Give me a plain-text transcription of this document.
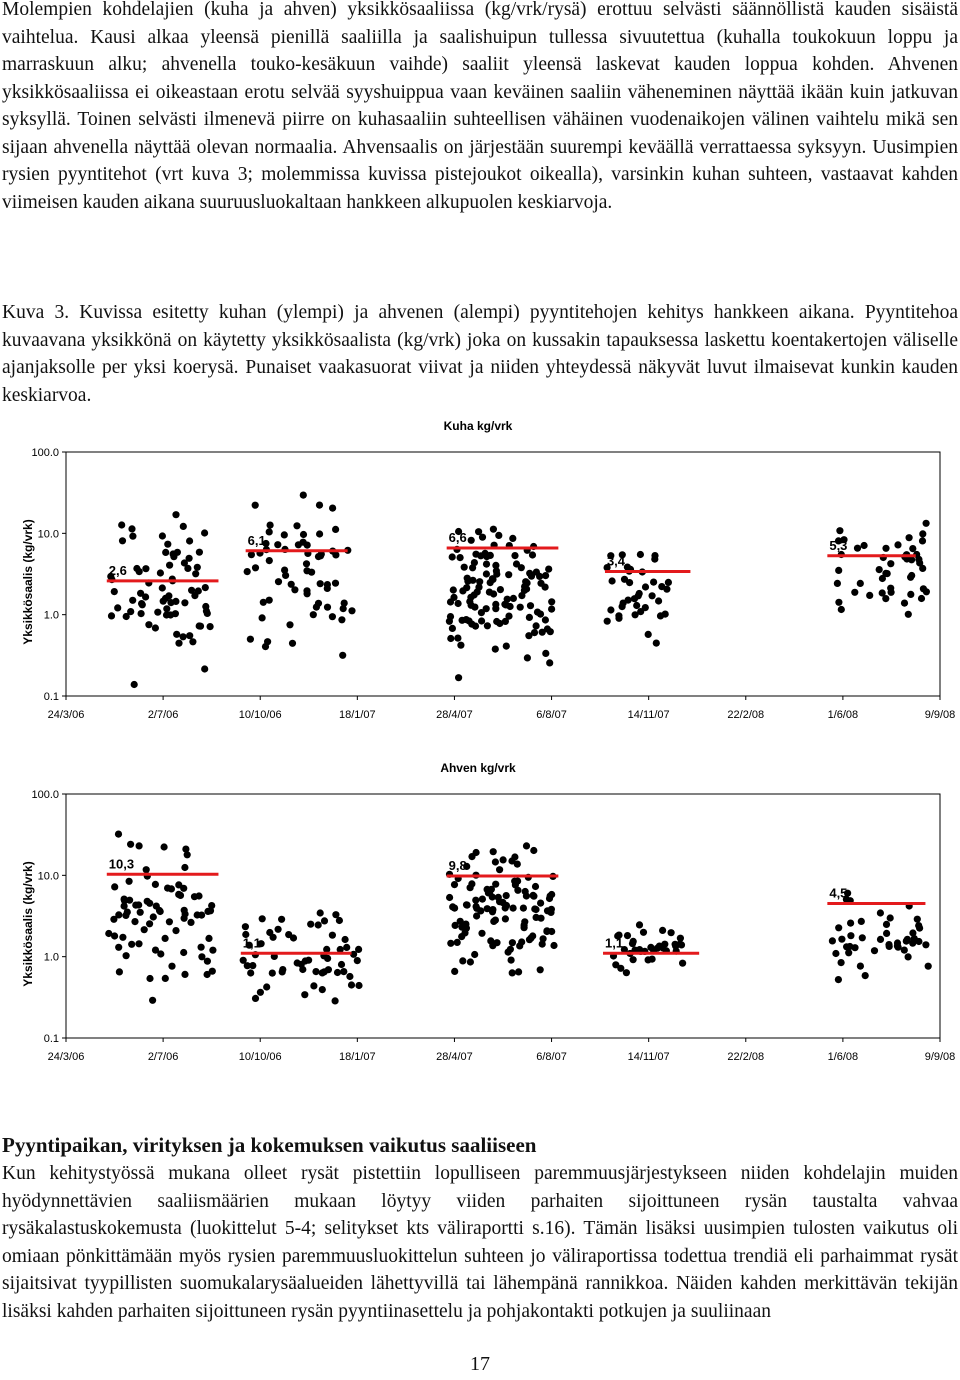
Molempien kohdelajien (kuha ja ahven) yksikkösaaliissa (kg/vrk/rysä) erottuu selvästi säännöllistä kauden sisäistä vaihtelua. Kausi alkaa yleensä pienillä saaliilla ja saalishuipun tullessa sivuutettua (kuhalla toukokuun loppu ja marraskuun alku; ahvenella touko-kesäkuun vaihde) saaliit yleensä laskevat kauden loppua kohden. Ahvenen yksikkösaaliissa ei oikeastaan erotu selvää syyshuippua vaan keväinen saaliin väheneminen näyttää ikään kuin jatkuvan syksyllä. Toinen selvästi ilmenevä piirre on kuhasaaliin suhteellisen vähäinen vuodenaikojen välinen vaihtelu mikä sen sijaan ahvenella näyttää olevan normaalia. Ahvensaalis on järjestään suurempi keväällä verrattaessa syksyyn. Uusimpien rysien pyyntitehot (vrt kuva 3; molemmissa kuvissa pistejoukot oikealla), varsinkin kuhan suhteen, vastaavat kahden viimeisen kauden aikana suuruusluokaltaan hankkeen alkupuolen keskiarvoja.

Kuva 3. Kuvissa esitetty kuhan (ylempi) ja ahvenen (alempi) pyyntitehojen kehitys hankkeen aikana. Pyyntitehoa kuvaavana yksikkönä on käytetty yksikkösaalista (kg/vrk) joka on kussakin tapauksessa laskettu koentakertojen väliselle ajanjaksolle per yksi koerysä. Punaiset vaakasuorat viivat ja niiden yhteydessä näkyvät luvut ilmaisevat kunkin kauden keskiarvoa.

Kuha kg/vrk
Yksikkösaalis (kg/vrk)
0.1
1.0
10.0
100.0
24/3/06	2/7/06	10/10/06	18/1/07	28/4/07	6/8/07	14/11/07	22/2/08	1/6/08	9/9/08
2,6
6,1	6,6
3,4
5,3
Ahven kg/vrk
Yksikkösaalis (kg/vrk)
0.1
1.0
10.0
100.0
24/3/06	2/7/06	10/10/06	18/1/07	28/4/07	6/8/07	14/11/07	22/2/08	1/6/08	9/9/08
10,3
1,1
9,8
1,1
4,5
Pyyntipaikan, virityksen ja kokemuksen vaikutus saaliiseen

Kun kehitystyössä mukana olleet rysät pistettiin lopulliseen paremmuusjärjestykseen niiden kohdelajin muiden hyödynnettävien saaliismäärien mukaan löytyy viiden parhaiten sijoittuneen rysän taustalta vahvaa rysäkalastuskokemusta (luokittelut 5-4; selitykset kts väliraportti s.16). Tämän lisäksi uusimpien tulosten vaikutus oli omiaan pönkittämään myös rysien paremmuusluokittelun suhteen jo väliraportissa todettua trendiä eli parhaimmat rysät sijaitsivat tyypillisten suomukalarysäalueiden lähettyvillä tai lähempänä rannikkoa. Näiden kahden merkittävän tekijän lisäksi kahden parhaiten sijoittuneen rysän pyyntiinasettelu ja pohjakontakti potkujen ja suuliinaan

17
